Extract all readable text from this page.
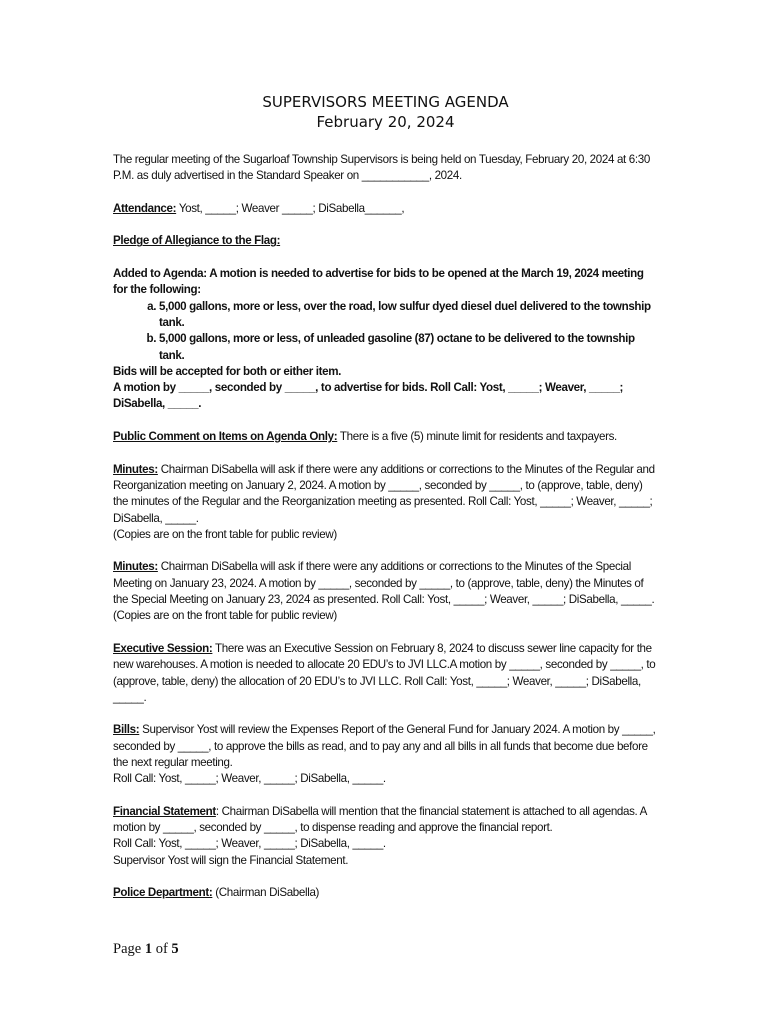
SUPERVISORS MEETING AGENDA
February 20, 2024

The regular meeting of the Sugarloaf Township Supervisors is being held on Tuesday, February 20, 2024 at 6:30 P.M. as duly advertised in the Standard Speaker on ___________, 2024.

Attendance: Yost, _____; Weaver _____; DiSabella______,

Pledge of Allegiance to the Flag:

Added to Agenda: A motion is needed to advertise for bids to be opened at the March 19, 2024 meeting for the following:
a. 5,000 gallons, more or less, over the road, low sulfur dyed diesel duel delivered to the township tank.
b. 5,000 gallons, more or less, of unleaded gasoline (87) octane to be delivered to the township tank.
Bids will be accepted for both or either item.
A motion by _____, seconded by _____, to advertise for bids. Roll Call: Yost, _____; Weaver, _____; DiSabella, _____.

Public Comment on Items on Agenda Only: There is a five (5) minute limit for residents and taxpayers.

Minutes: Chairman DiSabella will ask if there were any additions or corrections to the Minutes of the Regular and Reorganization meeting on January 2, 2024. A motion by _____, seconded by _____, to (approve, table, deny) the minutes of the Regular and the Reorganization meeting as presented. Roll Call: Yost, _____; Weaver, _____; DiSabella, _____.
(Copies are on the front table for public review)
Minutes: Chairman DiSabella will ask if there were any additions or corrections to the Minutes of the Special Meeting on January 23, 2024. A motion by _____, seconded by _____, to (approve, table, deny) the Minutes of the Special Meeting on January 23, 2024 as presented. Roll Call: Yost, _____; Weaver, _____; DiSabella, _____.
(Copies are on the front table for public review)

Executive Session: There was an Executive Session on February 8, 2024 to discuss sewer line capacity for the new warehouses. A motion is needed to allocate 20 EDU’s to JVI LLC.A motion by _____, seconded by _____, to (approve, table, deny) the allocation of 20 EDU’s to JVI LLC. Roll Call: Yost, _____; Weaver, _____; DiSabella, _____.

Bills: Supervisor Yost will review the Expenses Report of the General Fund for January 2024. A motion by _____, seconded by _____, to approve the bills as read, and to pay any and all bills in all funds that become due before the next regular meeting.
Roll Call: Yost, _____; Weaver, _____; DiSabella, _____.
Financial Statement: Chairman DiSabella will mention that the financial statement is attached to all agendas. A motion by _____, seconded by _____, to dispense reading and approve the financial report.
Roll Call: Yost, _____; Weaver, _____; DiSabella, _____.
Supervisor Yost will sign the Financial Statement.

Police Department: (Chairman DiSabella)

Page 1 of 5
